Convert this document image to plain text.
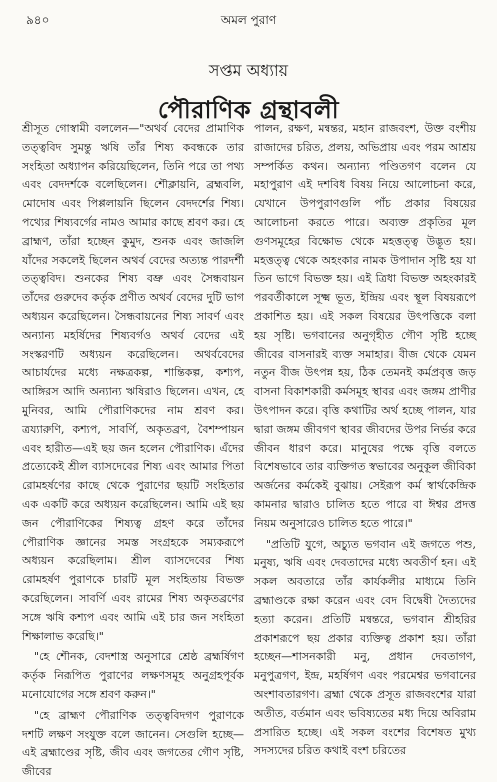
৯৪০	অমল পুরাণ
সপ্তম অধ্যায়
পৌরাণিক গ্রন্থাবলী

শ্রীসূত গোস্বামী বললেন—"অথর্ব বেদের প্রামাণিক তত্ত্ববিদ সুমন্তু ঋষি তাঁর শিষ্য কবন্ধকে তার সংহিতা অধ্যাপন করিয়েছিলেন, তিনি পরে তা পথ্য এবং বেদদর্শকে বলেছিলেন। শৌক্লায়নি, ব্রহ্মবলি, মোদোষ এবং পিপ্পলায়নি ছিলেন বেদদর্শের শিষ্য। পথ্যের শিষ্যবর্গের নামও আমার কাছে শ্রবণ কর। হে ব্রাহ্মণ, তাঁরা হচ্ছেন কুমুদ, শুনক এবং জাজলি যাঁদের সকলেই ছিলেন অথর্ব বেদের অত্যন্ত পারদর্শী তত্ত্ববিদ। শুনকের শিষ্য বভ্রু এবং সৈন্ধবায়ন তাঁদের গুরুদেব কর্তৃক প্রণীত অথর্ব বেদের দুটি ভাগ অধ্যয়ন করেছিলেন। সৈন্ধবায়নের শিষ্য সাবর্ণ এবং অন্যান্য মহর্ষিদের শিষ্যবর্গও অথর্ব বেদের এই সংস্করণটি অধ্যয়ন করেছিলেন। অথর্ববেদের আচার্যদের মধ্যে নক্ষত্রকল্প, শান্তিকল্প, কশ্যপ, আঙ্গিরস আদি অন্যান্য ঋষিরাও ছিলেন। এখন, হে মুনিবর, আমি পৌরাণিকদের নাম শ্রবণ কর। ত্রয্যারুণি, কশ্যপ, সাবর্ণি, অকৃতব্রণ, বৈশম্পায়ন এবং হারীত—এই ছয় জন হলেন পৌরাণিক। এঁদের প্রত্যেকেই শ্রীল ব্যাসদেবের শিষ্য এবং আমার পিতা রোমহর্ষণের কাছে থেকে পুরাণের ছয়টি সংহিতার এক একটি করে অধ্যয়ন করেছিলেন। আমি এই ছয় জন পৌরাণিকের শিষ্যত্ব গ্রহণ করে তাঁদের পৌরাণিক জ্ঞানের সমস্ত সংগ্রহকে সম্যকরূপে অধ্যয়ন করেছিলাম। শ্রীল ব্যাসদেবের শিষ্য রোমহর্ষণ পুরাণকে চারটি মূল সংহিতায় বিভক্ত করেছিলেন। সাবর্ণি এবং রামের শিষ্য অকৃতব্রণের সঙ্গে ঋষি কশ্যপ এবং আমি এই চার জন সংহিতা শিক্ষালাভ করেছি।"

"হে শৌনক, বেদশাস্ত্র অনুসারে শ্রেষ্ঠ ব্রহ্মর্ষিগণ কর্তৃক নিরূপিত পুরাণের লক্ষণসমূহ অনুগ্রহপূর্বক মনোযোগের সঙ্গে শ্রবণ করুন।"

"হে ব্রাহ্মণ পৌরাণিক তত্ত্ববিদগণ পুরাণকে দশটি লক্ষণ সংযুক্ত বলে জানেন। সেগুলি হচ্ছে—এই ব্রহ্মাণ্ডের সৃষ্টি, জীব এবং জগতের গৌণ সৃষ্টি, জীবের

পালন, রক্ষণ, মন্বন্তর, মহান রাজবংশ, উক্ত বংশীয় রাজাদের চরিত, প্রলয়, অভিপ্রায় এবং পরম আশ্রয় সম্পর্কিত কথন। অন্যান্য পণ্ডিতগণ বলেন যে মহাপুরাণ এই দশবিধ বিষয় নিয়ে আলোচনা করে, যেখানে উপপুরাণগুলি পাঁচ প্রকার বিষয়ের আলোচনা করতে পারে। অব্যক্ত প্রকৃতির মূল গুণসমূহের বিক্ষোভ থেকে মহত্তত্ত্ব উদ্ভূত হয়। মহত্তত্ত্ব থেকে অহংকার নামক উপাদান সৃষ্টি হয় যা তিন ভাগে বিভক্ত হয়। এই ত্রিধা বিভক্ত অহংকারই পরবর্তীকালে সূক্ষ্ম ভূত, ইন্দ্রিয় এবং স্থূল বিষয়রূপে প্রকাশিত হয়। এই সকল বিষয়ের উৎপত্তিকে বলা হয় সৃষ্টি। ভগবানের অনুগৃহীত গৌণ সৃষ্টি হচ্ছে জীবের বাসনারই ব্যক্ত সমাহার। বীজ থেকে যেমন নতুন বীজ উৎপন্ন হয়, ঠিক তেমনই কর্মপ্রবৃত্ত জড় বাসনা বিকাশকারী কর্মসমূহ স্থাবর এবং জঙ্গম প্রাণীর উৎপাদন করে। বৃত্তি কথাটির অর্থ হচ্ছে পালন, যার দ্বারা জঙ্গম জীবগণ স্থাবর জীবদের উপর নির্ভর করে জীবন ধারণ করে। মানুষের পক্ষে বৃত্তি বলতে বিশেষভাবে তার ব্যক্তিগত স্বভাবের অনুকূল জীবিকা অর্জনের কর্মকেই বুঝায়। সেইরূপ কর্ম স্বার্থকেন্দ্রিক কামনার দ্বারাও চালিত হতে পারে বা ঈশ্বর প্রদত্ত নিয়ম অনুসারেও চালিত হতে পারে।"

"প্রতিটি যুগে, অচ্যুত ভগবান এই জগতে পশু, মনুষ্য, ঋষি এবং দেবতাদের মধ্যে অবতীর্ণ হন। এই সকল অবতারে তাঁর কার্যকলীর মাধ্যমে তিনি ব্রহ্মাণ্ডকে রক্ষা করেন এবং বেদ বিদ্বেষী দৈত্যদের হত্যা করেন। প্রতিটি মন্বন্তরে, ভগবান শ্রীহরির প্রকাশরূপে ছয় প্রকার ব্যক্তিত্ব প্রকাশ হয়। তাঁরা হচ্ছেন—শাসনকারী মনু, প্রধান দেবতাগণ, মনুপুত্রগণ, ইন্দ্র, মহর্ষিগণ এবং পরমেশ্বর ভগবানের অংশাবতারগণ। ব্রহ্মা থেকে প্রসূত রাজবংশের যারা অতীত, বর্তমান এবং ভবিষ্যতের মধ্য দিয়ে অবিরাম প্রসারিত হচ্ছে। এই সকল বংশের বিশেষত মুখ্য সদস্যদের চরিত কথাই বংশ চরিতের
